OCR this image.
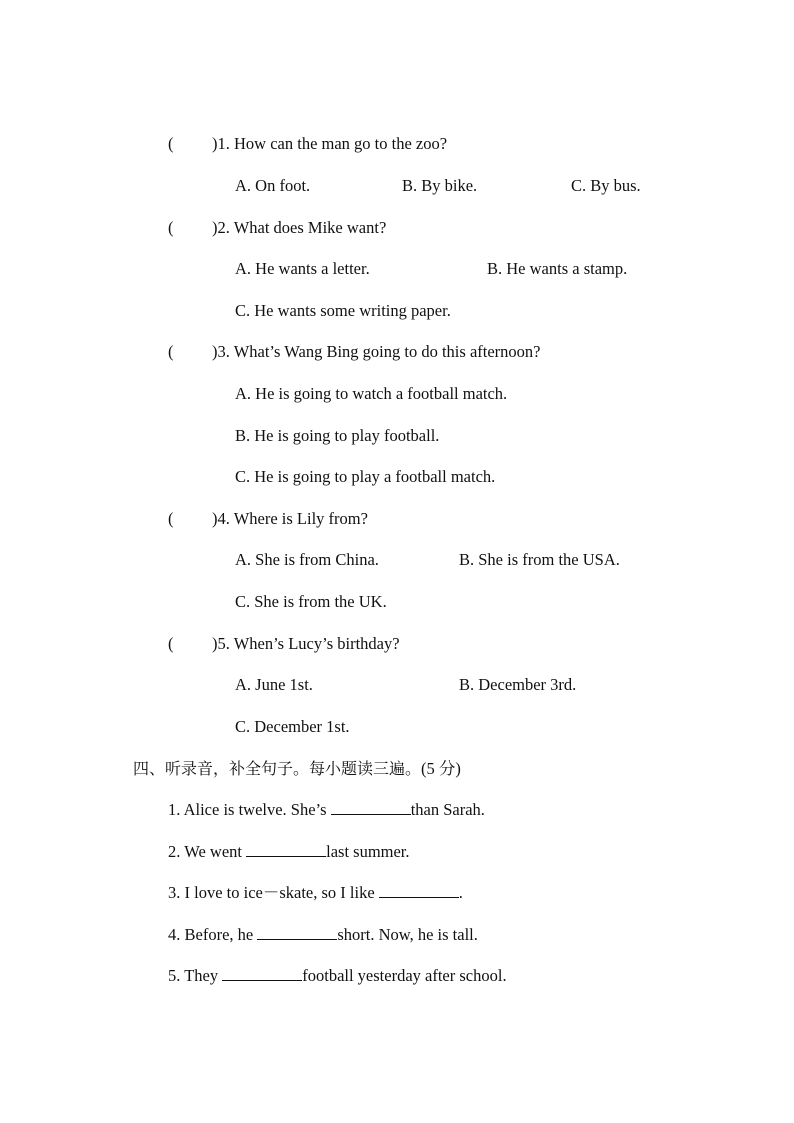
( )1. How can the man go to the zoo?
A. On foot.	B. By bike.	C. By bus.
( )2. What does Mike want?
A. He wants a letter.	B. He wants a stamp.
C. He wants some writing paper.
( )3. What’s Wang Bing going to do this afternoon?
A. He is going to watch a football match.
B. He is going to play football.
C. He is going to play a football match.
( )4. Where is Lily from?
A. She is from China.	B. She is from the USA.
C. She is from the UK.
( )5. When’s Lucy’s birthday?
A. June 1st.	B. December 3rd.
C. December 1st.
四、听录音，补全句子。每小题读三遍。(5 分)
1. Alice is twelve. She’s	than Sarah.
2. We went	last summer.
3. I love to ice－skate, so I like	.
4. Before, he	short. Now, he is tall.
5. They	football yesterday after school.
